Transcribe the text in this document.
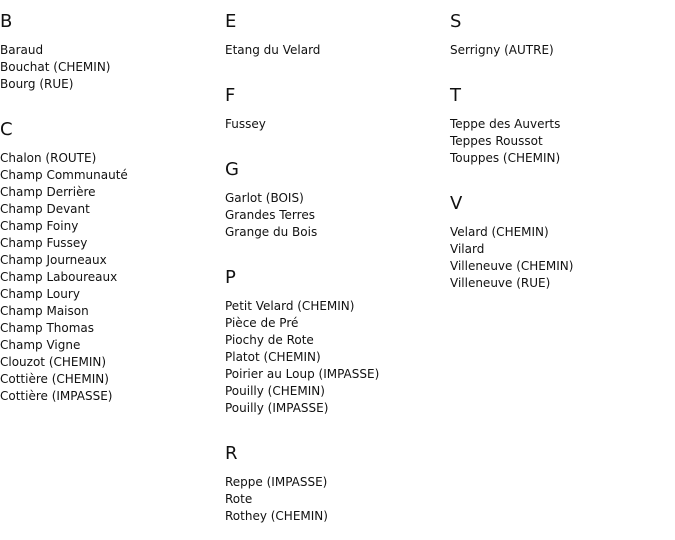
B
Baraud
Bouchat (CHEMIN)
Bourg (RUE)
C
Chalon (ROUTE)
Champ Communauté
Champ Derrière
Champ Devant
Champ Foiny
Champ Fussey
Champ Journeaux
Champ Laboureaux
Champ Loury
Champ Maison
Champ Thomas
Champ Vigne
Clouzot (CHEMIN)
Cottière (CHEMIN)
Cottière (IMPASSE)
E
Etang du Velard
F
Fussey
G
Garlot (BOIS)
Grandes Terres
Grange du Bois
P
Petit Velard (CHEMIN)
Pièce de Pré
Piochy de Rote
Platot (CHEMIN)
Poirier au Loup (IMPASSE)
Pouilly (CHEMIN)
Pouilly (IMPASSE)
R
Reppe (IMPASSE)
Rote
Rothey (CHEMIN)
S
Serrigny (AUTRE)
T
Teppe des Auverts
Teppes Roussot
Touppes (CHEMIN)
V
Velard (CHEMIN)
Vilard
Villeneuve (CHEMIN)
Villeneuve (RUE)
